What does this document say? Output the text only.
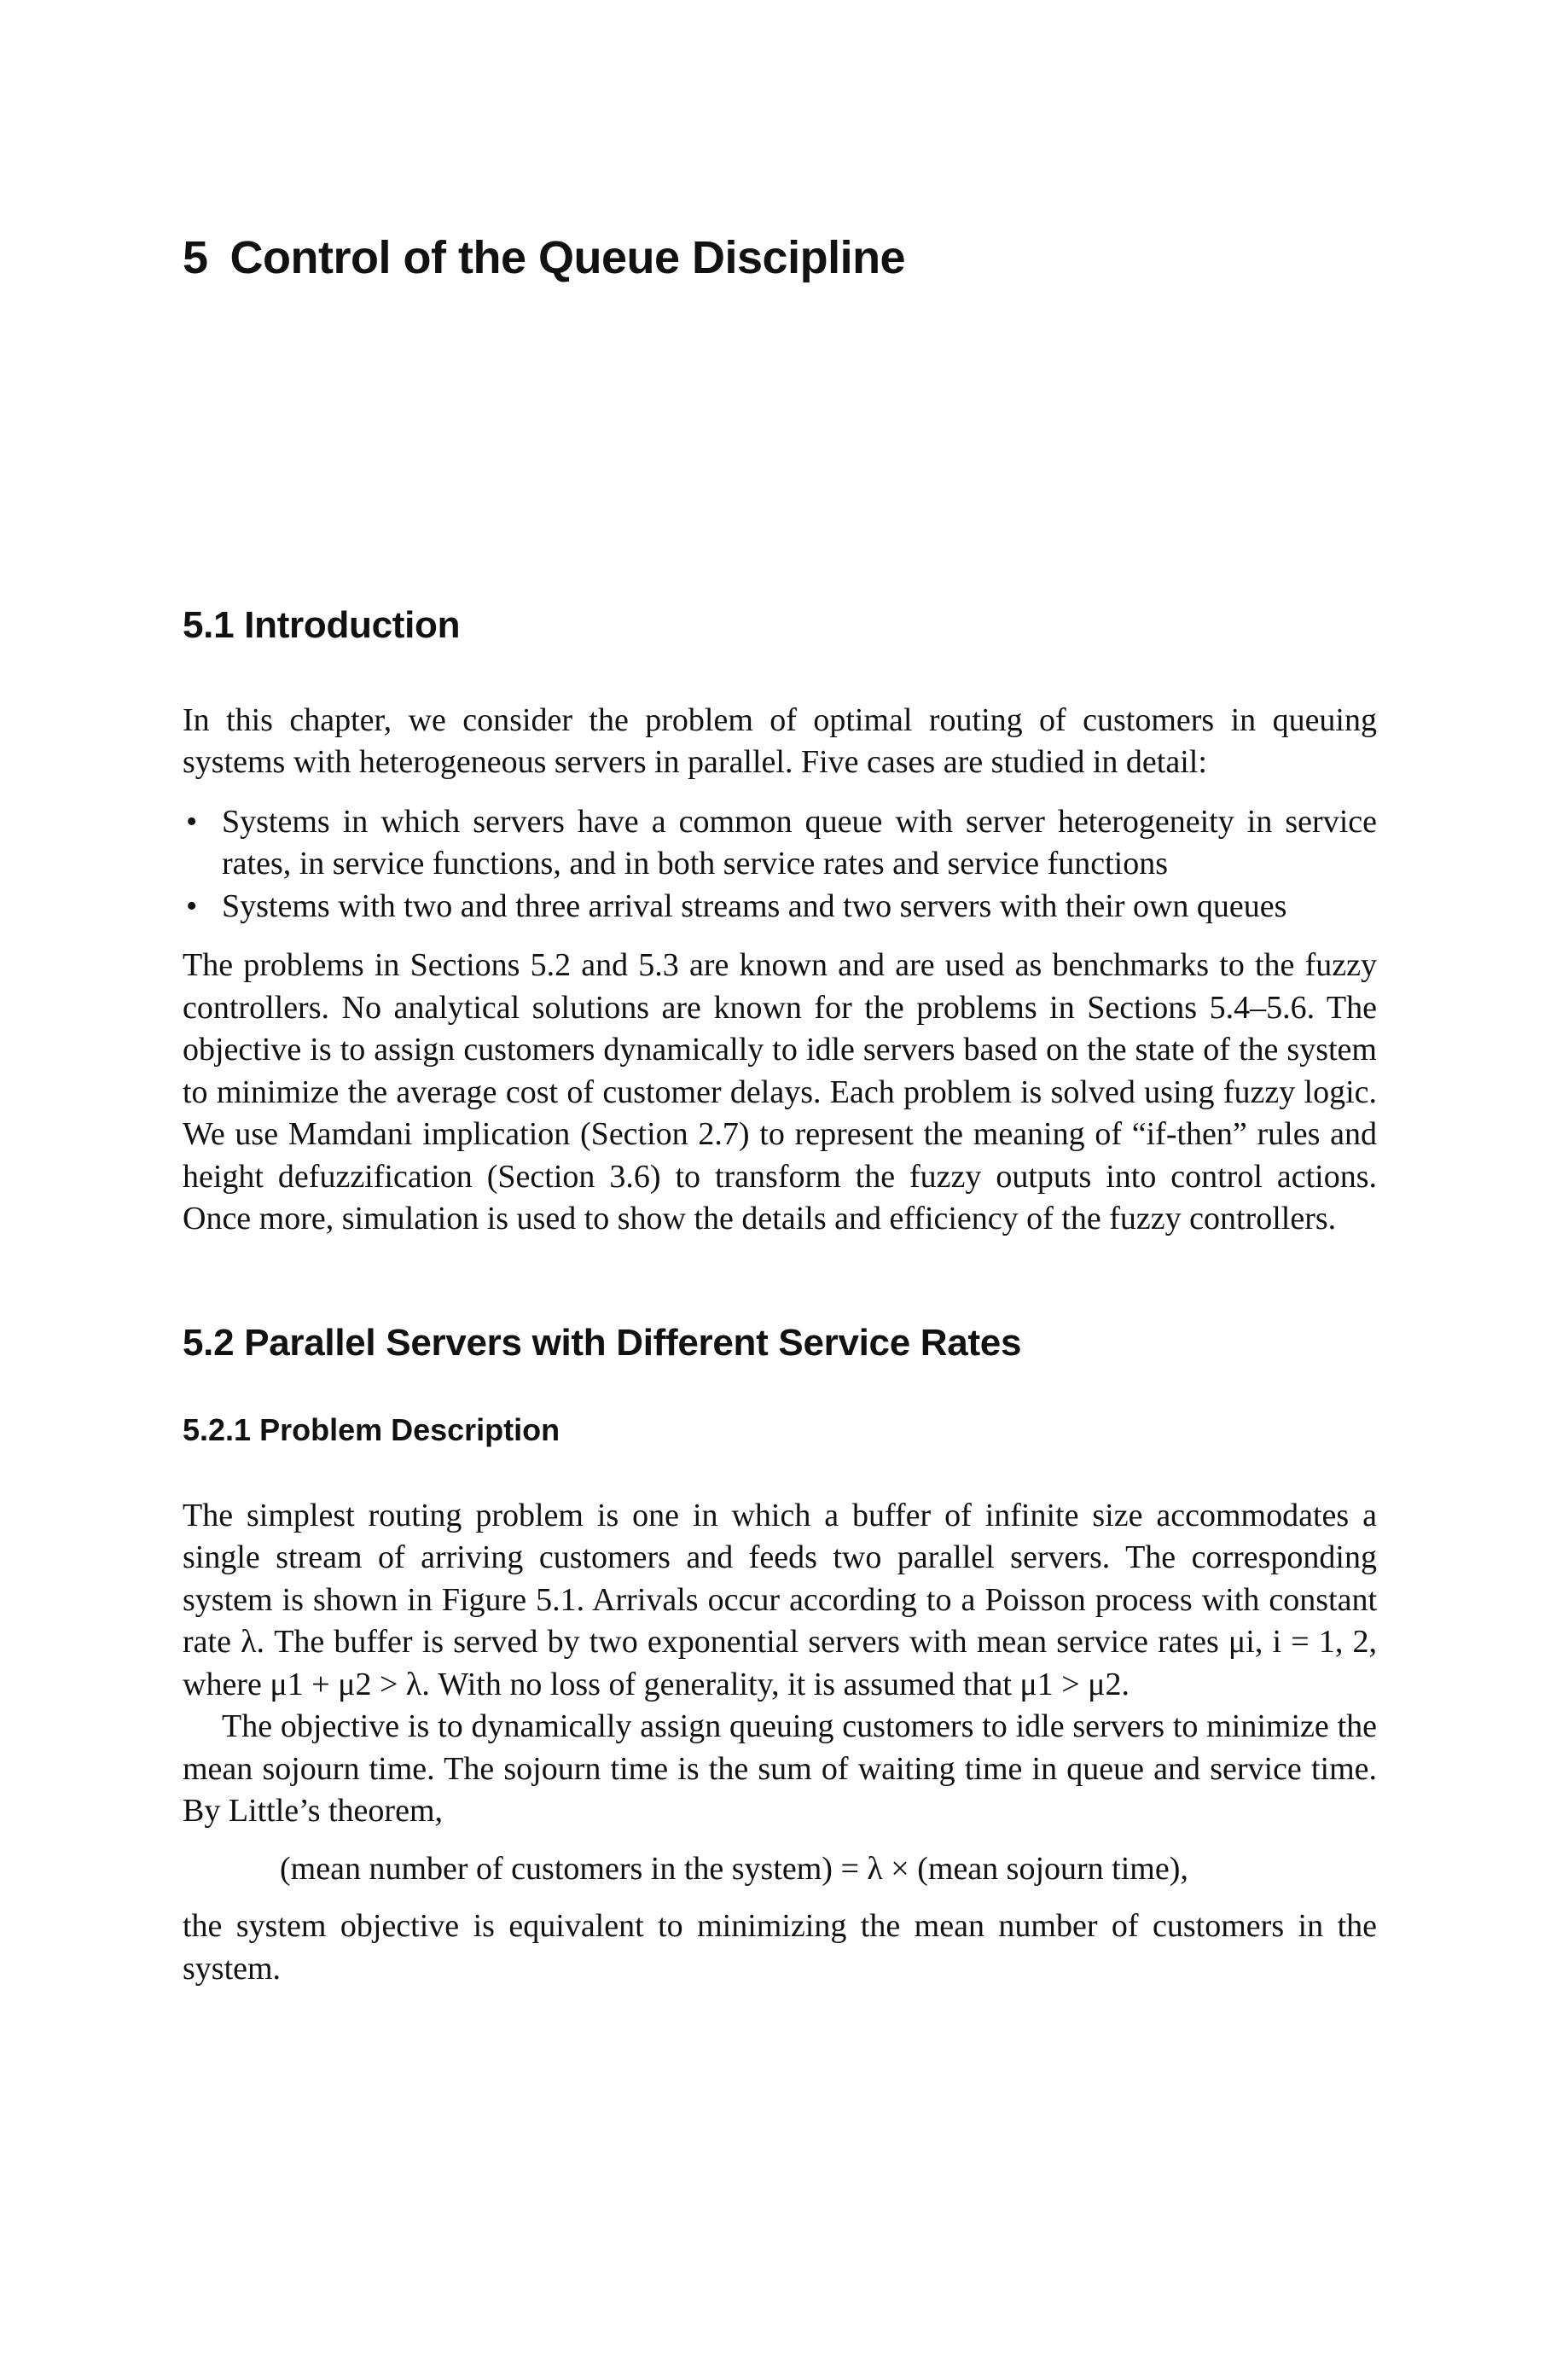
5 Control of the Queue Discipline
5.1 Introduction

In this chapter, we consider the problem of optimal routing of customers in queuing systems with heterogeneous servers in parallel. Five cases are studied in detail:

• Systems in which servers have a common queue with server heterogeneity in service rates, in service functions, and in both service rates and service functions
• Systems with two and three arrival streams and two servers with their own queues

The problems in Sections 5.2 and 5.3 are known and are used as benchmarks to the fuzzy controllers. No analytical solutions are known for the problems in Sections 5.4–5.6. The objective is to assign customers dynamically to idle servers based on the state of the system to minimize the average cost of customer delays. Each problem is solved using fuzzy logic. We use Mamdani implication (Section 2.7) to represent the meaning of “if-then” rules and height defuzzification (Section 3.6) to transform the fuzzy outputs into control actions. Once more, simulation is used to show the details and efficiency of the fuzzy controllers.

5.2 Parallel Servers with Different Service Rates
5.2.1 Problem Description

The simplest routing problem is one in which a buffer of infinite size accommodates a single stream of arriving customers and feeds two parallel servers. The corresponding system is shown in Figure 5.1. Arrivals occur according to a Poisson process with constant rate λ. The buffer is served by two exponential servers with mean service rates μi, i = 1, 2, where μ1 + μ2 > λ. With no loss of generality, it is assumed that μ1 > μ2.

The objective is to dynamically assign queuing customers to idle servers to minimize the mean sojourn time. The sojourn time is the sum of waiting time in queue and service time. By Little’s theorem,

(mean number of customers in the system) = λ × (mean sojourn time),

the system objective is equivalent to minimizing the mean number of customers in the system.
